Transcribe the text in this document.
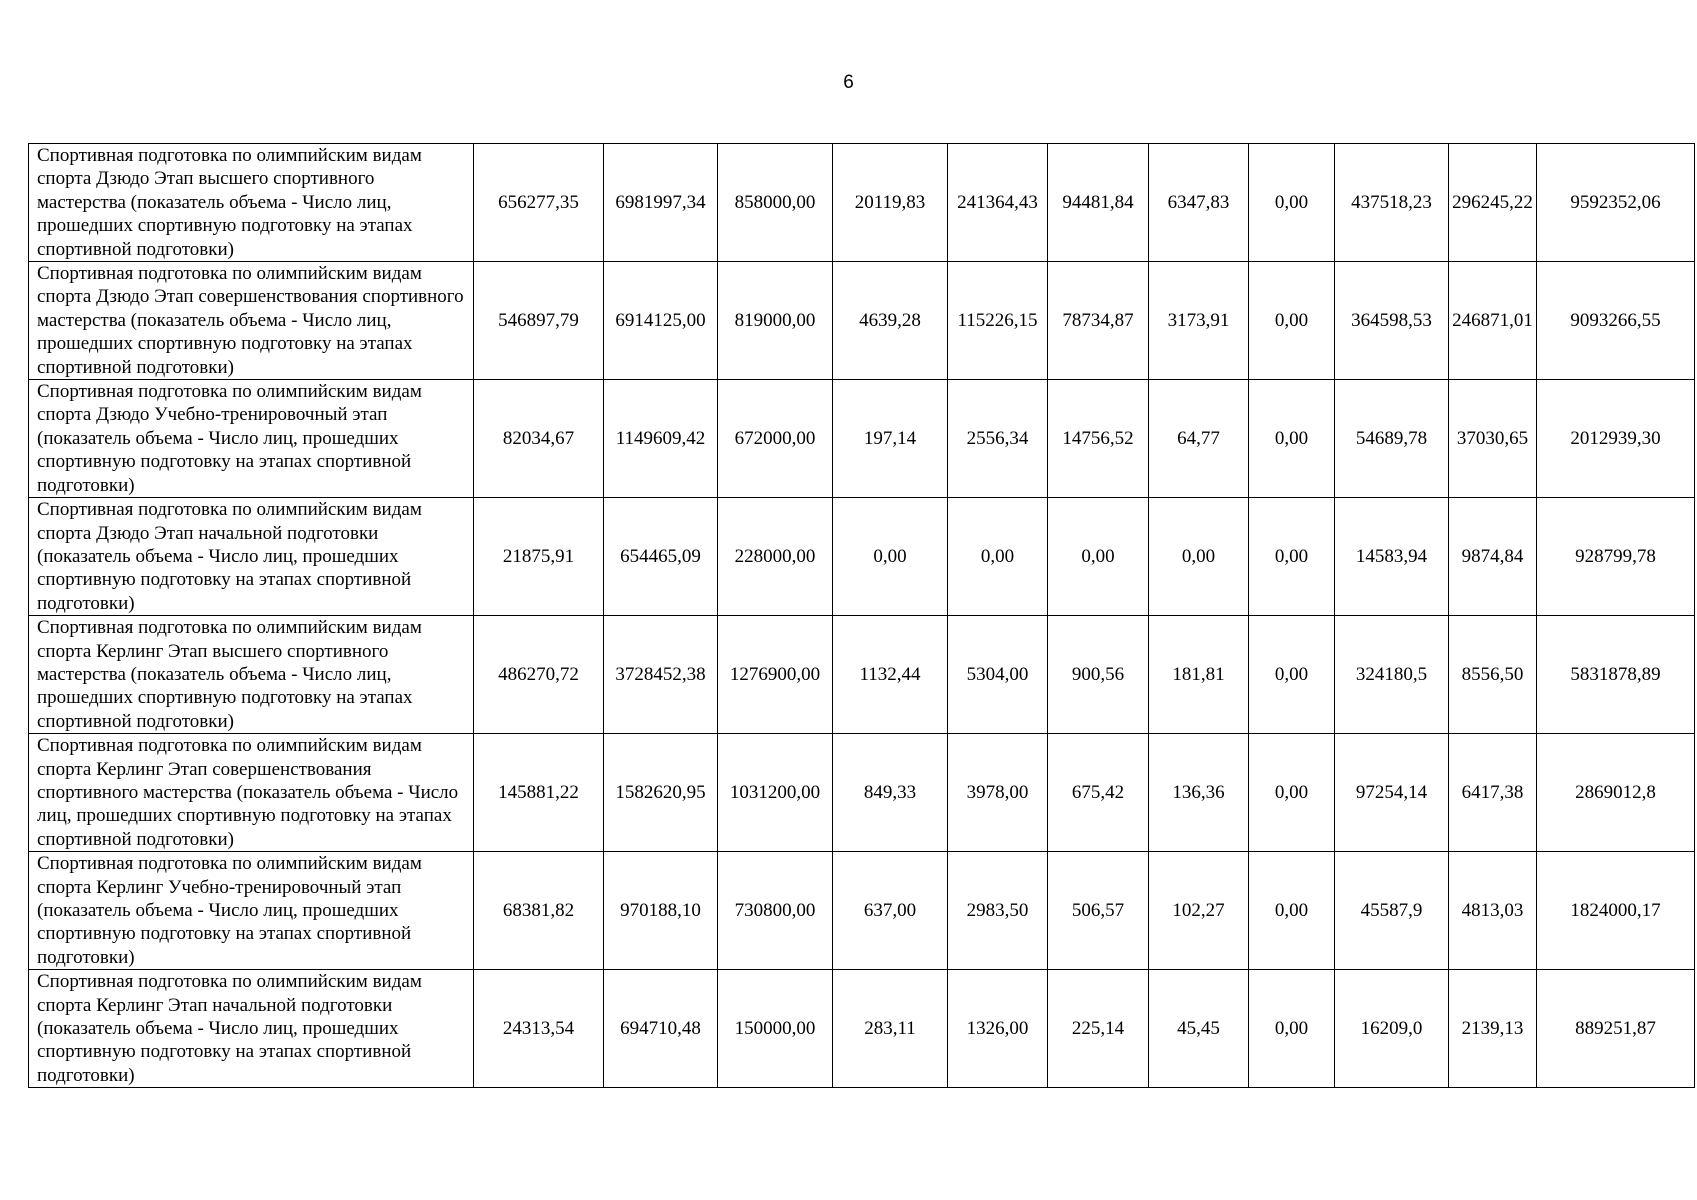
6
Спортивная подготовка по олимпийским видам спорта Дзюдо Этап высшего спортивного мастерства (показатель объема - Число лиц, прошедших спортивную подготовку на этапах спортивной подготовки)	656277,35	6981997,34	858000,00	20119,83	241364,43	94481,84	6347,83	0,00	437518,23	296245,22	9592352,06
Спортивная подготовка по олимпийским видам спорта Дзюдо Этап совершенствования спортивного мастерства (показатель объема - Число лиц, прошедших спортивную подготовку на этапах спортивной подготовки)	546897,79	6914125,00	819000,00	4639,28	115226,15	78734,87	3173,91	0,00	364598,53	246871,01	9093266,55
Спортивная подготовка по олимпийским видам спорта Дзюдо Учебно-тренировочный этап (показатель объема - Число лиц, прошедших спортивную подготовку на этапах спортивной подготовки)	82034,67	1149609,42	672000,00	197,14	2556,34	14756,52	64,77	0,00	54689,78	37030,65	2012939,30
Спортивная подготовка по олимпийским видам спорта Дзюдо Этап начальной подготовки (показатель объема - Число лиц, прошедших спортивную подготовку на этапах спортивной подготовки)	21875,91	654465,09	228000,00	0,00	0,00	0,00	0,00	0,00	14583,94	9874,84	928799,78
Спортивная подготовка по олимпийским видам спорта Керлинг Этап высшего спортивного мастерства (показатель объема - Число лиц, прошедших спортивную подготовку на этапах спортивной подготовки)	486270,72	3728452,38	1276900,00	1132,44	5304,00	900,56	181,81	0,00	324180,5	8556,50	5831878,89
Спортивная подготовка по олимпийским видам спорта Керлинг Этап совершенствования спортивного мастерства (показатель объема - Число лиц, прошедших спортивную подготовку на этапах спортивной подготовки)	145881,22	1582620,95	1031200,00	849,33	3978,00	675,42	136,36	0,00	97254,14	6417,38	2869012,8
Спортивная подготовка по олимпийским видам спорта Керлинг Учебно-тренировочный этап (показатель объема - Число лиц, прошедших спортивную подготовку на этапах спортивной подготовки)	68381,82	970188,10	730800,00	637,00	2983,50	506,57	102,27	0,00	45587,9	4813,03	1824000,17
Спортивная подготовка по олимпийским видам спорта Керлинг Этап начальной подготовки (показатель объема - Число лиц, прошедших спортивную подготовку на этапах спортивной подготовки)	24313,54	694710,48	150000,00	283,11	1326,00	225,14	45,45	0,00	16209,0	2139,13	889251,87
